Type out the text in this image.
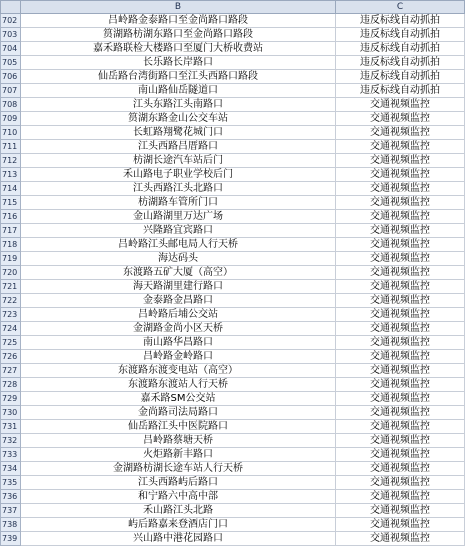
	B	C
702	吕岭路金泰路口至金尚路口路段	违反标线自动抓拍
703	筼湖路枋湖东路口至金尚路口路段	违反标线自动抓拍
704	嘉禾路联检大楼路口至厦门大桥收费站	违反标线自动抓拍
705	长乐路长岸路口	违反标线自动抓拍
706	仙岳路台湾街路口至江头西路口路段	违反标线自动抓拍
707	南山路仙岳隧道口	违反标线自动抓拍
708	江头东路江头南路口	交通视频监控
709	筼湖东路金山公交车站	交通视频监控
710	长虹路翔鹭花城门口	交通视频监控
711	江头西路吕厝路口	交通视频监控
712	枋湖长途汽车站后门	交通视频监控
713	禾山路电子职业学校后门	交通视频监控
714	江头西路江头北路口	交通视频监控
715	枋湖路车管所门口	交通视频监控
716	金山路湖里万达广场	交通视频监控
717	兴隆路宜宾路口	交通视频监控
718	吕岭路江头邮电局人行天桥	交通视频监控
719	海达码头	交通视频监控
720	东渡路五矿大厦（高空）	交通视频监控
721	海天路湖里建行路口	交通视频监控
722	金泰路金昌路口	交通视频监控
723	吕岭路后埔公交站	交通视频监控
724	金湖路金尚小区天桥	交通视频监控
725	南山路华昌路口	交通视频监控
726	吕岭路金岭路口	交通视频监控
727	东渡路东渡变电站（高空）	交通视频监控
728	东渡路东渡站人行天桥	交通视频监控
729	嘉禾路SM公交站	交通视频监控
730	金尚路司法局路口	交通视频监控
731	仙岳路江头中医院路口	交通视频监控
732	吕岭路蔡塘天桥	交通视频监控
733	火炬路新丰路口	交通视频监控
734	金湖路枋湖长途车站人行天桥	交通视频监控
735	江头西路屿后路口	交通视频监控
736	和宁路六中高中部	交通视频监控
737	禾山路江头北路	交通视频监控
738	屿后路嘉来登酒店门口	交通视频监控
739	兴山路中港花园路口	交通视频监控
